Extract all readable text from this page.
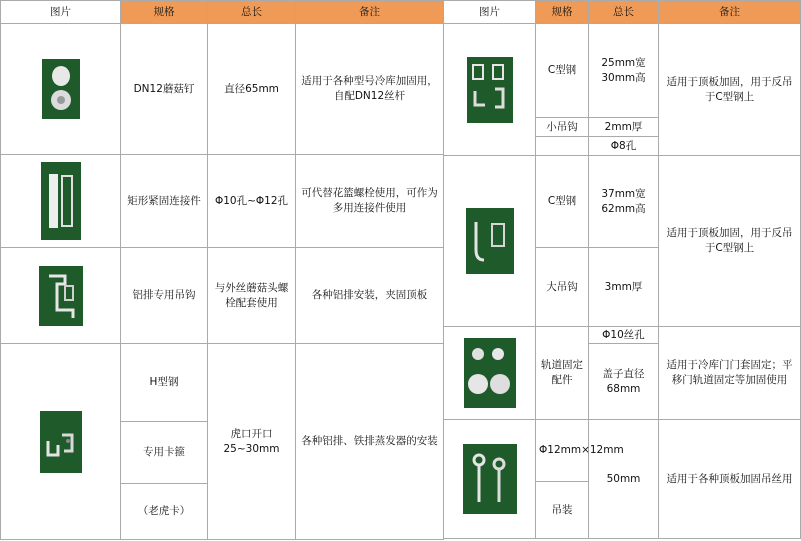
图片	规格	总长	备注

	DN12蘑菇钉	直径65mm	适用于各种型号冷库加固用，自配DN12丝杆

	矩形紧固连接件	Φ10孔~Φ12孔	可代替花篮螺栓使用，可作为多用连接件使用

	铝排专用吊钩	与外丝蘑菇头螺栓配套使用	各种铝排安装，夹固顶板

	H型钢	虎口开口25~30mm	各种铝排、铁排蒸发器的安装
	专用卡箍		
	（老虎卡）		
图片	规格	总长	备注

	C型钢	25mm宽30mm高	适用于顶板加固，用于反吊于C型钢上
	小吊钩	2mm厚	
		Φ8孔	

	C型钢	37mm宽62mm高	适用于顶板加固，用于反吊于C型钢上
	大吊钩	3mm厚	

	轨道固定配件	Φ10丝孔	适用于冷库门门套固定；平移门轨道固定等加固使用
		盖子直径68mm	

	Φ12mm×12mm	50mm	适用于各种顶板加固吊丝用
	吊装		
